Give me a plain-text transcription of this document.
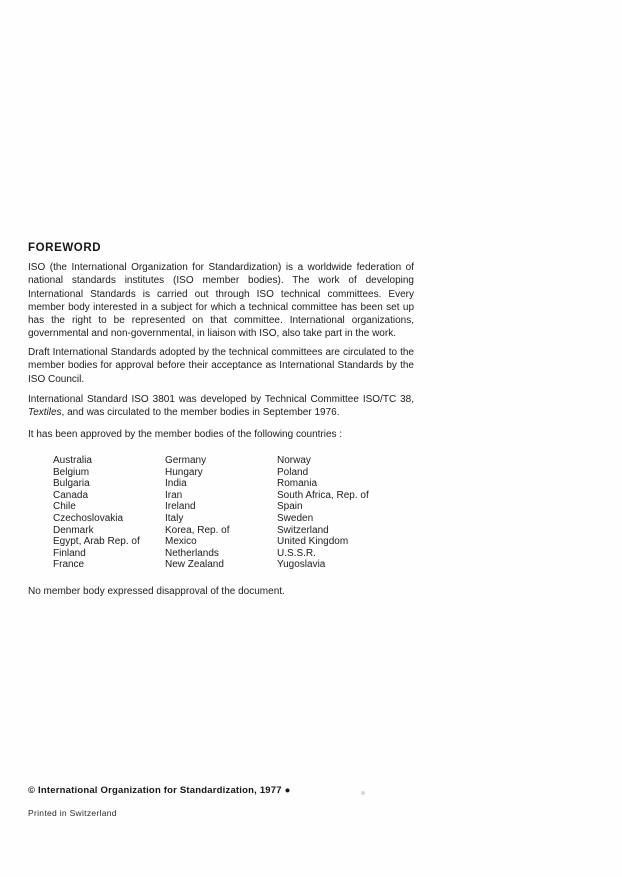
FOREWORD

ISO (the International Organization for Standardization) is a worldwide federation of national standards institutes (ISO member bodies). The work of developing International Standards is carried out through ISO technical committees. Every member body interested in a subject for which a technical committee has been set up has the right to be represented on that committee. International organizations, governmental and non-governmental, in liaison with ISO, also take part in the work.

Draft International Standards adopted by the technical committees are circulated to the member bodies for approval before their acceptance as International Standards by the ISO Council.

International Standard ISO 3801 was developed by Technical Committee ISO/TC 38, Textiles, and was circulated to the member bodies in September 1976.

It has been approved by the member bodies of the following countries :

Australia
Belgium
Bulgaria
Canada
Chile
Czechoslovakia
Denmark
Egypt, Arab Rep. of
Finland
France
Germany
Hungary
India
Iran
Ireland
Italy
Korea, Rep. of
Mexico
Netherlands
New Zealand
Norway
Poland
Romania
South Africa, Rep. of
Spain
Sweden
Switzerland
United Kingdom
U.S.S.R.
Yugoslavia

No member body expressed disapproval of the document.

© International Organization for Standardization, 1977 ●

Printed in Switzerland
